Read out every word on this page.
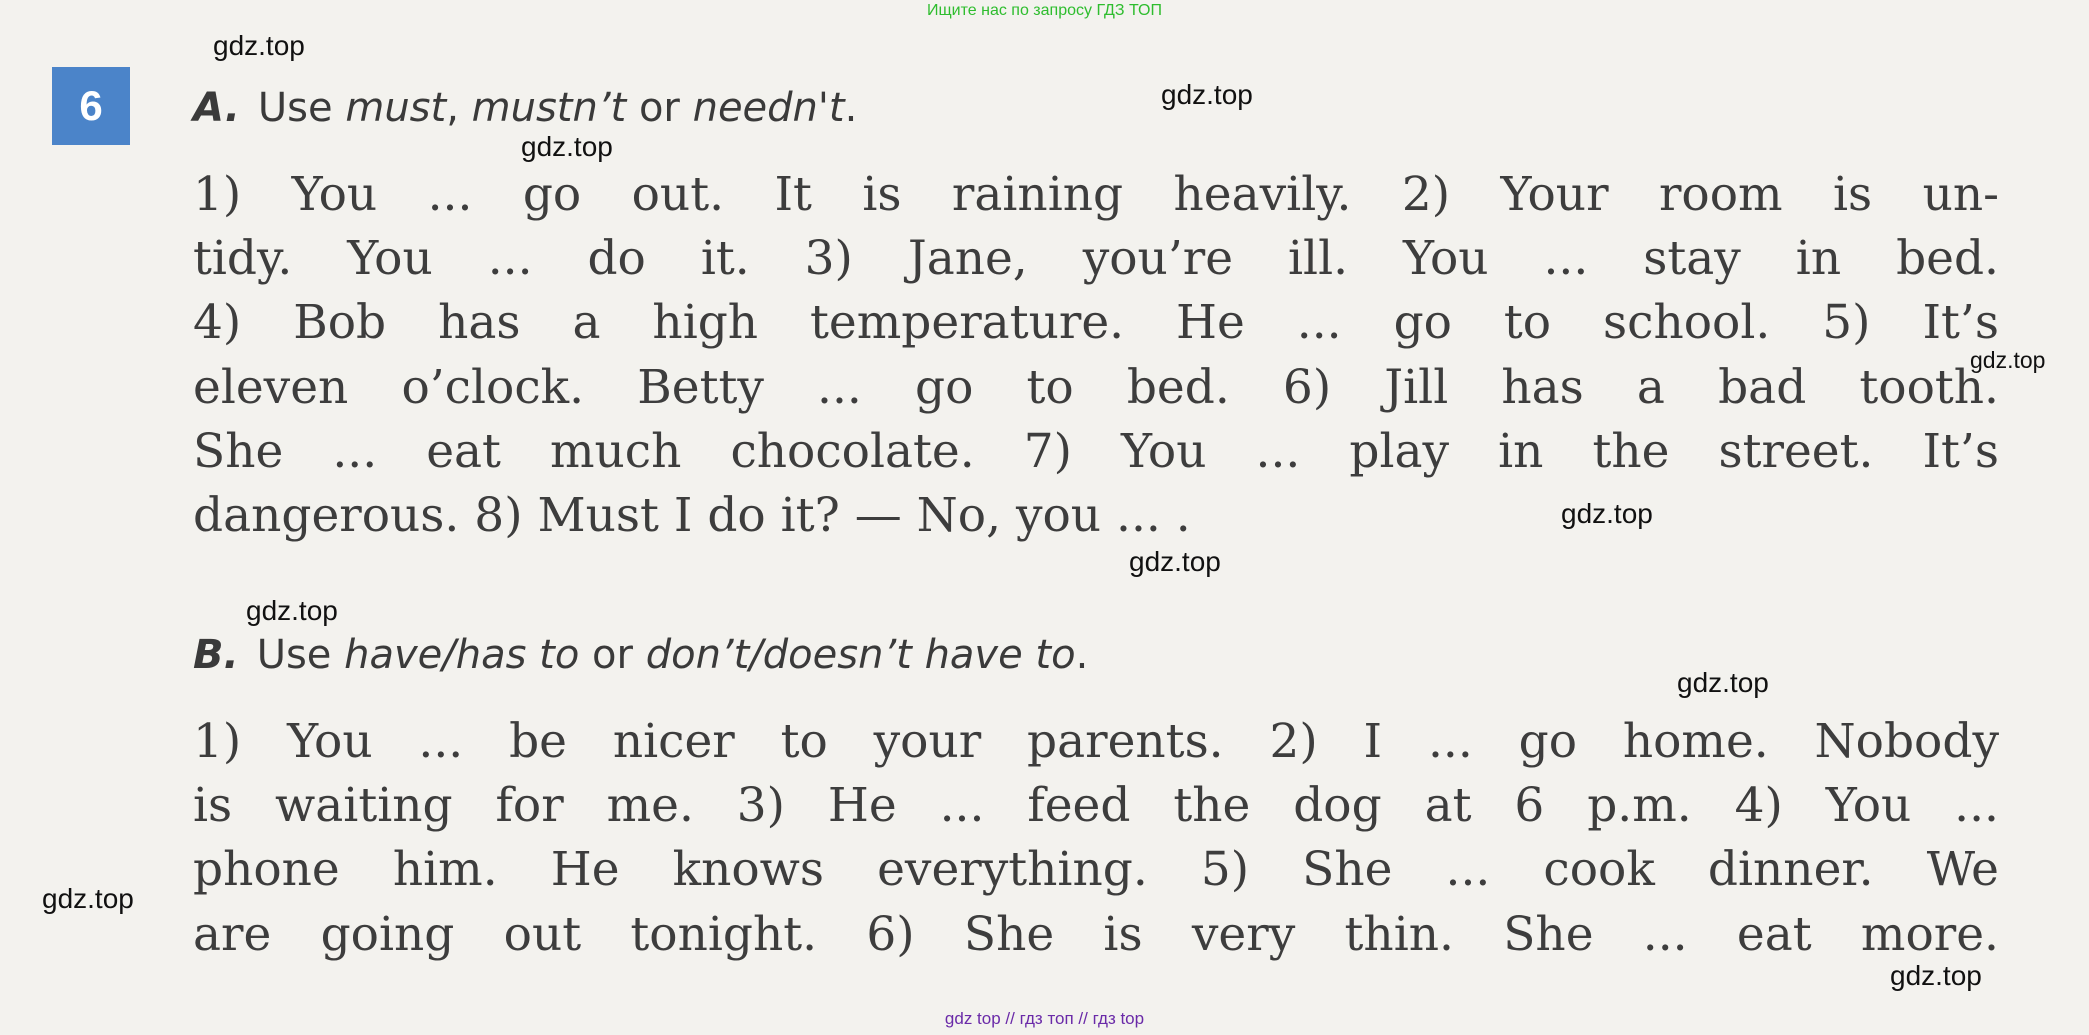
Ищите нас по запросу ГДЗ ТОП
6	A. Use must, mustn’t or needn't.
1) You ... go out. It is raining heavily. 2) Your room is un-
tidy. You ... do it. 3) Jane, you’re ill. You ... stay in bed.
4) Bob has a high temperature. He ... go to school. 5) It’s
eleven o’clock. Betty ... go to bed. 6) Jill has a bad tooth.
She ... eat much chocolate. 7) You ... play in the street. It’s
dangerous. 8) Must I do it? — No, you ... .
B. Use have/has to or don’t/doesn’t have to.
1) You ... be nicer to your parents. 2) I ... go home. Nobody
is waiting for me. 3) He ... feed the dog at 6 p.m. 4) You ...
phone him. He knows everything. 5) She ... cook dinner. We
are going out tonight. 6) She is very thin. She ... eat more.
gdz.top
gdz.top
gdz.top
gdz.top
gdz.top
gdz.top
gdz.top
gdz.top
gdz.top
gdz.top
gdz top // гдз топ // гдз top
